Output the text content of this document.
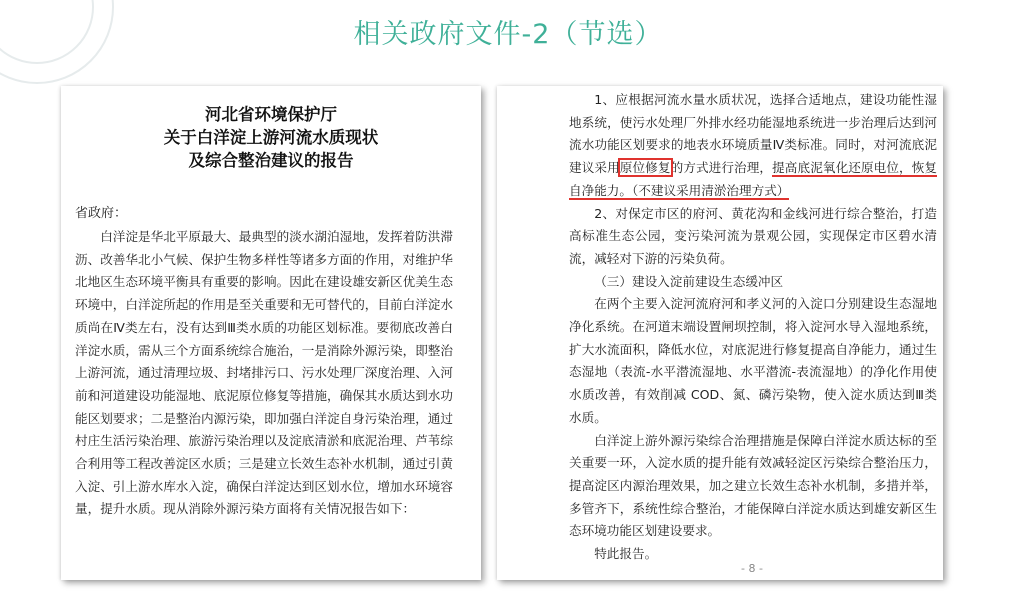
相关政府文件-2（节选）
河北省环境保护厅
关于白洋淀上游河流水质现状
及综合整治建议的报告
省政府：
白洋淀是华北平原最大、最典型的淡水湖泊湿地，发挥着防洪滞沥、改善华北小气候、保护生物多样性等诸多方面的作用，对维护华北地区生态环境平衡具有重要的影响。因此在建设雄安新区优美生态环境中，白洋淀所起的作用是至关重要和无可替代的，目前白洋淀水质尚在Ⅳ类左右，没有达到Ⅲ类水质的功能区划标准。要彻底改善白洋淀水质，需从三个方面系统综合施治，一是消除外源污染，即整治上游河流，通过清理垃圾、封堵排污口、污水处理厂深度治理、入河前和河道建设功能湿地、底泥原位修复等措施，确保其水质达到水功能区划要求；二是整治内源污染，即加强白洋淀自身污染治理，通过村庄生活污染治理、旅游污染治理以及淀底清淤和底泥治理、芦苇综合利用等工程改善淀区水质；三是建立长效生态补水机制，通过引黄入淀、引上游水库水入淀，确保白洋淀达到区划水位，增加水环境容量，提升水质。现从消除外源污染方面将有关情况报告如下：
1、应根据河流水量水质状况，选择合适地点，建设功能性湿地系统，使污水处理厂外排水经功能湿地系统进一步治理后达到河流水功能区划要求的地表水环境质量Ⅳ类标准。同时，对河流底泥建议采用原位修复的方式进行治理，提高底泥氧化还原电位，恢复自净能力。（不建议采用清淤治理方式）
2、对保定市区的府河、黄花沟和金线河进行综合整治，打造高标准生态公园，变污染河流为景观公园，实现保定市区碧水清流，减轻对下游的污染负荷。
（三）建设入淀前建设生态缓冲区
在两个主要入淀河流府河和孝义河的入淀口分别建设生态湿地净化系统。在河道末端设置闸坝控制，将入淀河水导入湿地系统，扩大水流面积，降低水位，对底泥进行修复提高自净能力，通过生态湿地（表流-水平潜流湿地、水平潜流-表流湿地）的净化作用使水质改善，有效削减 COD、氮、磷污染物，使入淀水质达到Ⅲ类水质。
白洋淀上游外源污染综合治理措施是保障白洋淀水质达标的至关重要一环，入淀水质的提升能有效减轻淀区污染综合整治压力，提高淀区内源治理效果，加之建立长效生态补水机制，多措并举，多管齐下，系统性综合整治，才能保障白洋淀水质达到雄安新区生态环境功能区划建设要求。
特此报告。
- 8 -
